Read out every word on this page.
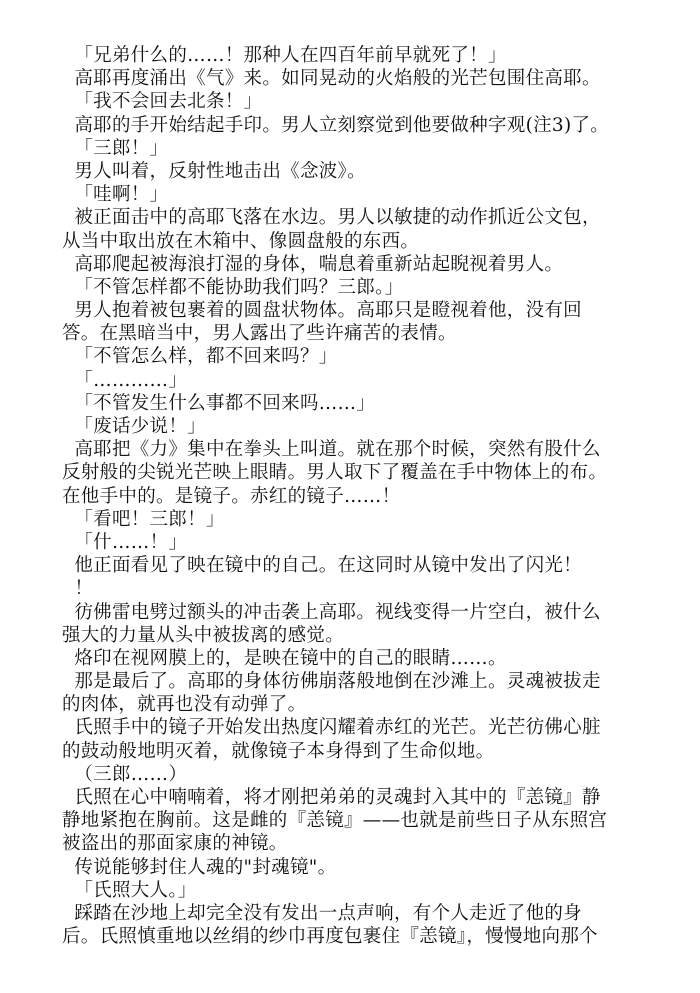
「兄弟什么的……！那种人在四百年前早就死了！」
高耶再度涌出《气》来。如同晃动的火焰般的光芒包围住高耶。
「我不会回去北条！」
高耶的手开始结起手印。男人立刻察觉到他要做种字观(注3)了。
「三郎！」
男人叫着，反射性地击出《念波》。
「哇啊！」
被正面击中的高耶飞落在水边。男人以敏捷的动作抓近公文包，
从当中取出放在木箱中、像圆盘般的东西。
高耶爬起被海浪打湿的身体，喘息着重新站起睨视着男人。
「不管怎样都不能协助我们吗？三郎。」
男人抱着被包裹着的圆盘状物体。高耶只是瞪视着他，没有回
答。在黑暗当中，男人露出了些许痛苦的表情。
「不管怎么样，都不回来吗？」
「…………」
「不管发生什么事都不回来吗……」
「废话少说！」
高耶把《力》集中在拳头上叫道。就在那个时候，突然有股什么
反射般的尖锐光芒映上眼睛。男人取下了覆盖在手中物体上的布。
在他手中的。是镜子。赤红的镜子……！
「看吧！三郎！」
「什……！」
他正面看见了映在镜中的自己。在这同时从镜中发出了闪光！
！
彷佛雷电劈过额头的冲击袭上高耶。视线变得一片空白，被什么
强大的力量从头中被拔离的感觉。
烙印在视网膜上的，是映在镜中的自己的眼睛……。
那是最后了。高耶的身体彷佛崩落般地倒在沙滩上。灵魂被拔走
的肉体，就再也没有动弹了。
氏照手中的镜子开始发出热度闪耀着赤红的光芒。光芒彷佛心脏
的鼓动般地明灭着，就像镜子本身得到了生命似地。
（三郎……）
氏照在心中喃喃着，将才刚把弟弟的灵魂封入其中的『恙镜』静
静地紧抱在胸前。这是雌的『恙镜』——也就是前些日子从东照宫
被盗出的那面家康的神镜。
传说能够封住人魂的"封魂镜"。
「氏照大人。」
踩踏在沙地上却完全没有发出一点声响，有个人走近了他的身
后。氏照慎重地以丝绢的纱巾再度包裹住『恙镜』，慢慢地向那个
